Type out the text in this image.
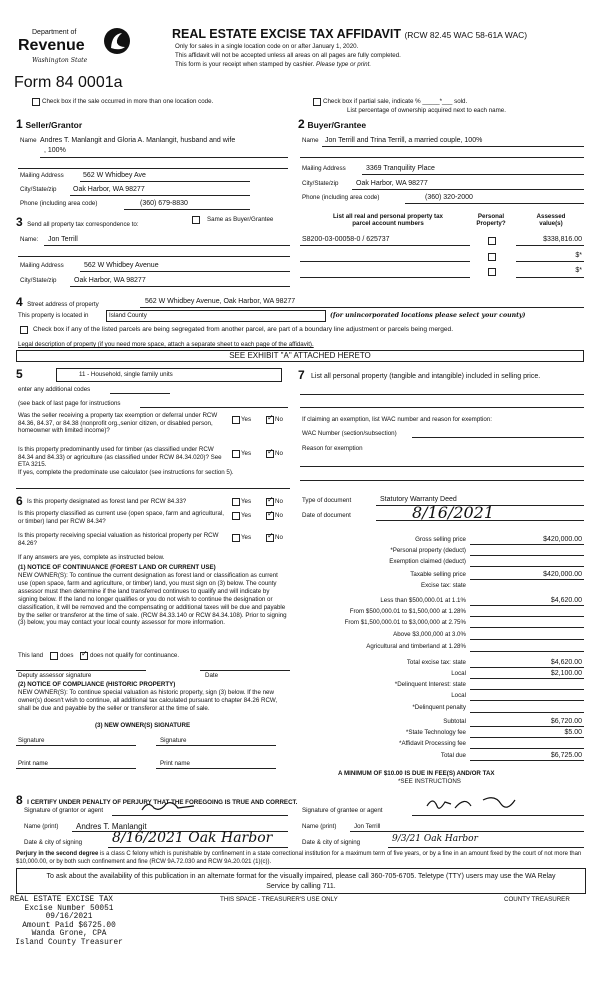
Department of
Revenue
Washington State
Form 84 0001a
REAL ESTATE EXCISE TAX AFFIDAVIT (RCW 82.45 WAC 58-61A WAC)
Only for sales in a single location code on or after January 1, 2020.
This affidavit will not be accepted unless all areas on all pages are fully completed.
This form is your receipt when stamped by cashier. Please type or print.
Check box if the sale occurred in more than one location code.	Check box if partial sale, indicate % _____*___ sold.
List percentage of ownership acquired next to each name.
1 Seller/Grantor
Name Andres T. Manlangit and Gloria A. Manlangit, husband and wife
, 100%
Mailing Address	562 W Whidbey Ave
City/State/zip Oak Harbor, WA 98277
Phone (including area code)	(360) 679-8830
2 Buyer/Grantee
Name Jon Terrill and Trina Terrill, a married couple, 100%
Mailing Address	3369 Tranquility Place
City/State/zip	Oak Harbor, WA 98277
Phone (including area code)	(360) 320-2000
3 Send all property tax correspondence to:
Same as Buyer/Grantee
Name: Jon Terrill
Mailing Address	562 W Whidbey Avenue
City/State/zip	Oak Harbor, WA 98277
List all real and personal property tax
parcel account numbers
Personal
Property?
Assessed
value(s)
S8200-03-00058-0 / 625737	$338,816.00
$*
$*
4 Street address of property	562 W Whidbey Avenue, Oak Harbor, WA 98277
This property is located in	Island County	(for unincorporated locations please select your county)
Check box if any of the listed parcels are being segregated from another parcel, are part of a boundary line adjustment or parcels being merged.
Legal description of property (if you need more space, attach a separate sheet to each page of the affidavit).
SEE EXHIBIT "A" ATTACHED HERETO
5	11 - Household, single family units
enter any additional codes
(see back of last page for instructions
Was the seller receiving a property tax exemption or deferral under RCW 84.36, 84.37, or 84.38 (nonprofit org.,senior citizen, or disabled person, homeowner with limited income)?
Yes ✓	No
Is this property predominantly used for timber (as classified under RCW 84.34 and 84.33) or agriculture (as classified under RCW 84.34.020)? See ETA 3215.
Yes ✓	No
If yes, complete the predominate use calculator (see instructions for section 5).
6 Is this property designated as forest land per RCW 84.33?	Yes ✓	No
Is this property classified as current use (open space, farm and agricultural, or timber) land per RCW 84.34?
Yes ✓	No
Is this property receiving special valuation as historical property per RCW 84.26?
Yes ✓	No
If any answers are yes, complete as instructed below.
(1) NOTICE OF CONTINUANCE (FOREST LAND OR CURRENT USE)
NEW OWNER(S): To continue the current designation as forest land or classification as current use (open space, farm and agriculture, or timber) land, you must sign on (3) below. The county assessor must then determine if the land transferred continues to qualify and will indicate by signing below. If the land no longer qualifies or you do not wish to continue the designation or classification, it will be removed and the compensating or additional taxes will be due and payable by the seller or transferor at the time of sale. (RCW 84.33.140 or RCW 84.34.108). Prior to signing (3) below, you may contact your local county assessor for more information.
This land	does ✓	does not qualify for continuance.
Deputy assessor signature	Date
(2) NOTICE OF COMPLIANCE (HISTORIC PROPERTY)
NEW OWNER(S): To continue special valuation as historic property, sign (3) below. If the new owner(s) doesn't wish to continue, all additional tax calculated pursuant to chapter 84.26 RCW, shall be due and payable by the seller or transferor at the time of sale.
(3) NEW OWNER(S) SIGNATURE
Signature	Signature
Print name	Print name
7 List all personal property (tangible and intangible) included in selling price.
If claiming an exemption, list WAC number and reason for exemption:
WAC Number (section/subsection)
Reason for exemption
Type of document	Statutory Warranty Deed
Date of document	8/16/2021
Gross selling price	$420,000.00
*Personal property (deduct)
Exemption claimed (deduct)
Taxable selling price	$420,000.00
Excise tax: state
Less than $500,000.01 at 1.1%	$4,620.00
From $500,000.01 to $1,500,000 at 1.28%
From $1,500,000.01 to $3,000,000 at 2.75%
Above $3,000,000 at 3.0%
Agricultural and timberland at 1.28%
Total excise tax: state	$4,620.00
Local	$2,100.00
*Delinquent Interest: state
Local
*Delinquent penalty
Subtotal	$6,720.00
*State Technology fee	$5.00
*Affidavit Processing fee
Total due	$6,725.00
A MINIMUM OF $10.00 IS DUE IN FEE(S) AND/OR TAX
*SEE INSTRUCTIONS
8 I CERTIFY UNDER PENALTY OF PERJURY THAT THE FOREGOING IS TRUE AND CORRECT.
Signature of grantor or agent	Signature of grantee or agent
Name (print) Andres T. Manlangit	Name (print)	Jon Terrill
Date & city of signing 8/16/2021 Oak Harbor	Date & city of signing	9/3/21 Oak Harbor
Perjury in the second degree is a class C felony which is punishable by confinement in a state correctional institution for a maximum term of five years, or by a fine in an amount fixed by the court of not more than $10,000.00, or by both such confinement and fine (RCW 9A.72.030 and RCW 9A.20.021 (1)(c)).
To ask about the availability of this publication in an alternate format for the visually impaired, please call 360-705-6705. Teletype (TTY) users may use the WA Relay Service by calling 711.
REAL ESTATE EXCISE TAX
Excise Number 50051
09/16/2021
Amount Paid $6725.00
Wanda Grone, CPA
Island County Treasurer
THIS SPACE - TREASURER'S USE ONLY	COUNTY TREASURER
